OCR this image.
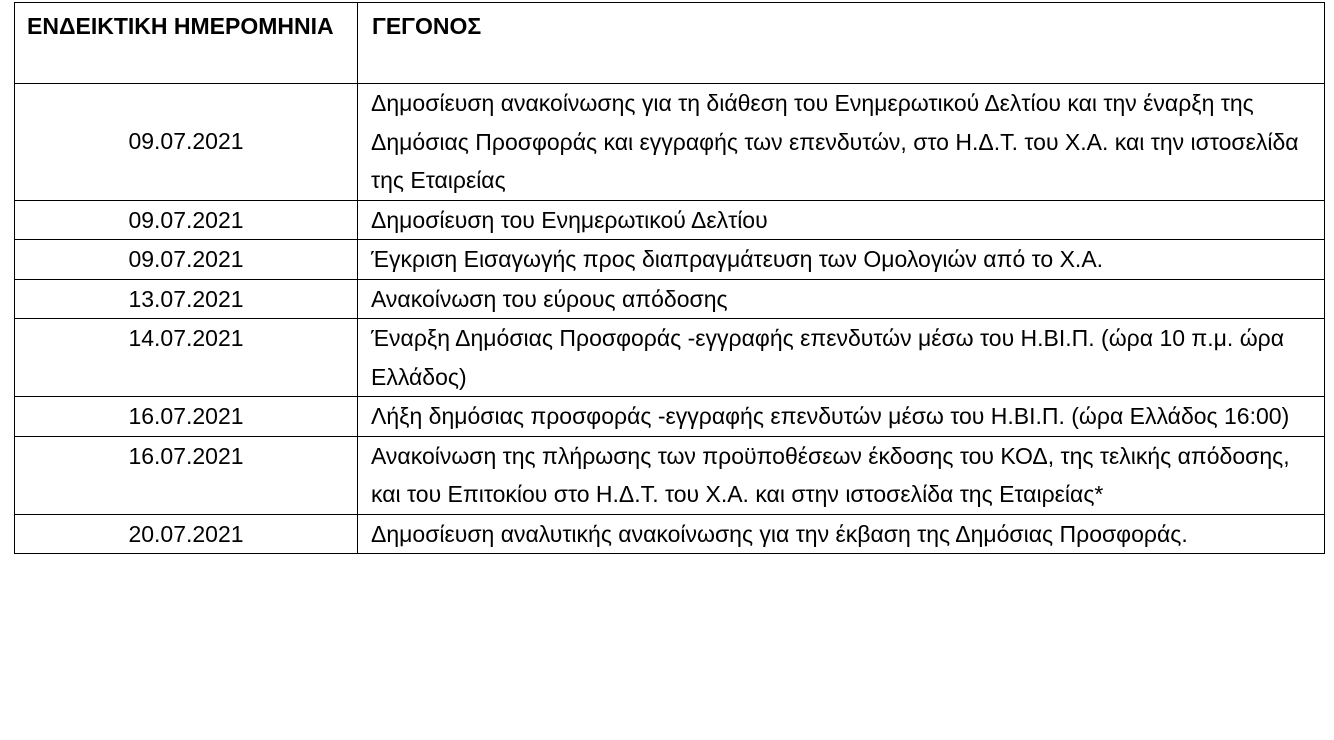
ΕΝΔΕΙΚΤΙΚΗ ΗΜΕΡΟΜΗΝΙΑ	ΓΕΓΟΝΟΣ
09.07.2021	Δημοσίευση ανακοίνωσης για τη διάθεση του Ενημερωτικού Δελτίου και την έναρξη της Δημόσιας Προσφοράς και εγγραφής των επενδυτών, στο Η.Δ.Τ. του Χ.Α. και την ιστοσελίδα της Εταιρείας
09.07.2021	Δημοσίευση του Ενημερωτικού Δελτίου
09.07.2021	Έγκριση Εισαγωγής προς διαπραγμάτευση των Ομολογιών από το Χ.Α.
13.07.2021	Ανακοίνωση του εύρους απόδοσης
14.07.2021	Έναρξη Δημόσιας Προσφοράς -εγγραφής επενδυτών μέσω του Η.ΒΙ.Π. (ώρα 10 π.μ. ώρα Ελλάδος)
16.07.2021	Λήξη δημόσιας προσφοράς -εγγραφής επενδυτών μέσω του Η.ΒΙ.Π. (ώρα Ελλάδος 16:00)
16.07.2021	Ανακοίνωση της πλήρωσης των προϋποθέσεων έκδοσης του ΚΟΔ, της τελικής απόδοσης, και του Επιτοκίου στο Η.Δ.Τ. του Χ.Α. και στην ιστοσελίδα της Εταιρείας*
20.07.2021	Δημοσίευση αναλυτικής ανακοίνωσης για την έκβαση της Δημόσιας Προσφοράς.
